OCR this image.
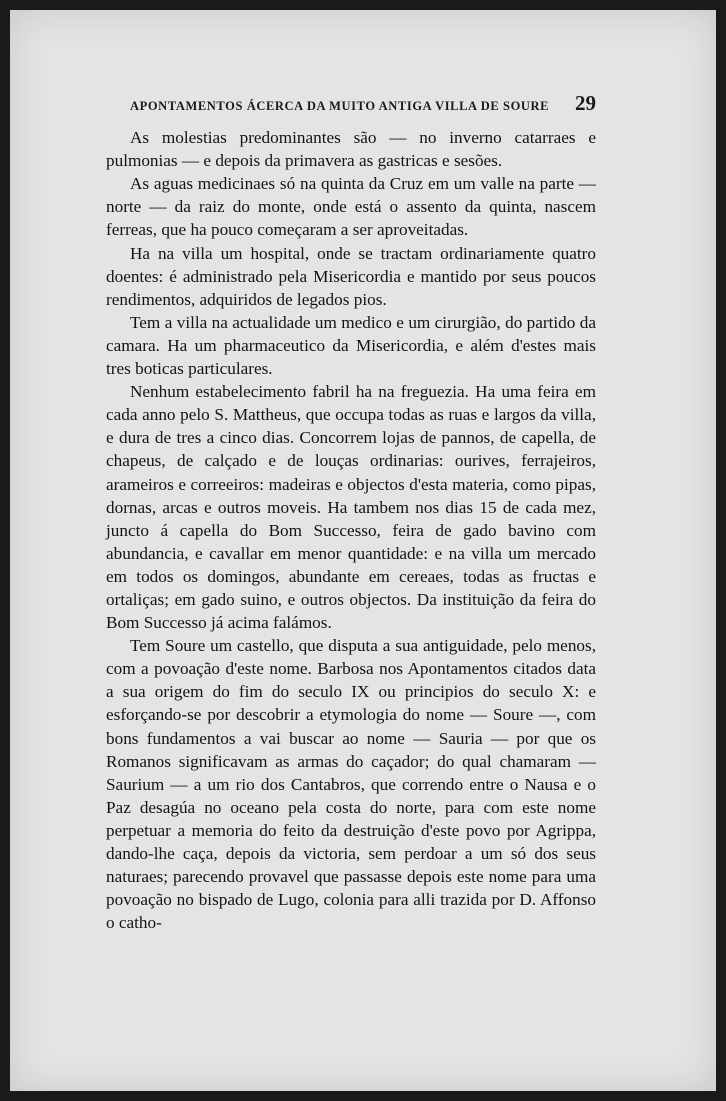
APONTAMENTOS ÁCERCA DA MUITO ANTIGA VILLA DE SOURE 29

As molestias predominantes são — no inverno catarraes e pulmonias — e depois da primavera as gastricas e sesões.

As aguas medicinaes só na quinta da Cruz em um valle na parte — norte — da raiz do monte, onde está o assento da quinta, nascem ferreas, que ha pouco começaram a ser aproveitadas.

Ha na villa um hospital, onde se tractam ordinariamente quatro doentes: é administrado pela Misericordia e mantido por seus poucos rendimentos, adquiridos de legados pios.

Tem a villa na actualidade um medico e um cirurgião, do partido da camara. Ha um pharmaceutico da Misericordia, e além d'estes mais tres boticas particulares.

Nenhum estabelecimento fabril ha na freguezia. Ha uma feira em cada anno pelo S. Mattheus, que occupa todas as ruas e largos da villa, e dura de tres a cinco dias. Concorrem lojas de pannos, de capella, de chapeus, de calçado e de louças ordinarias: ourives, ferrajeiros, arameiros e correeiros: madeiras e objectos d'esta materia, como pipas, dornas, arcas e outros moveis. Ha tambem nos dias 15 de cada mez, juncto á capella do Bom Successo, feira de gado bavino com abundancia, e cavallar em menor quantidade: e na villa um mercado em todos os domingos, abundante em cereaes, todas as fructas e ortaliças; em gado suino, e outros objectos. Da instituição da feira do Bom Successo já acima falámos.

Tem Soure um castello, que disputa a sua antiguidade, pelo menos, com a povoação d'este nome. Barbosa nos Apontamentos citados data a sua origem do fim do seculo IX ou principios do seculo X: e esforçando-se por descobrir a etymologia do nome — Soure —, com bons fundamentos a vai buscar ao nome — Sauria — por que os Romanos significavam as armas do caçador; do qual chamaram — Saurium — a um rio dos Cantabros, que correndo entre o Nausa e o Paz desagúa no oceano pela costa do norte, para com este nome perpetuar a memoria do feito da destruição d'este povo por Agrippa, dando-lhe caça, depois da victoria, sem perdoar a um só dos seus naturaes; parecendo provavel que passasse depois este nome para uma povoação no bispado de Lugo, colonia para alli trazida por D. Affonso o catho-
